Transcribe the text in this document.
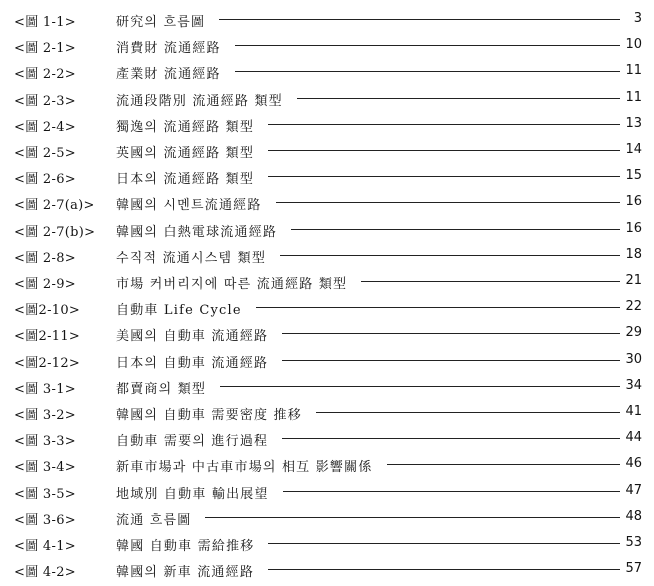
<圖 1-1>	研究의 흐름圖	3
<圖 2-1>	消費財 流通經路	10
<圖 2-2>	產業財 流通經路	11
<圖 2-3>	流通段階別 流通經路 類型	11
<圖 2-4>	獨逸의 流通經路 類型	13
<圖 2-5>	英國의 流通經路 類型	14
<圖 2-6>	日本의 流通經路 類型	15
<圖 2-7(a)> 韓國의 시멘트流通經路	16
<圖 2-7(b)> 韓國의 白熱電球流通經路	16
<圖 2-8>	수직적 流通시스템 類型	18
<圖 2-9>	市場 커버리지에 따른 流通經路 類型	21
<圖2-10>	自動車 Life Cycle	22
<圖2-11>	美國의 自動車 流通經路	29
<圖2-12>	日本의 自動車 流通經路	30
<圖 3-1>	都賣商의 類型	34
<圖 3-2>	韓國의 自動車 需要密度 推移	41
<圖 3-3>	自動車 需要의 進行過程	44
<圖 3-4>	新車市場과 中古車市場의 相互 影響關係	46
<圖 3-5>	地域別 自動車 輸出展望	47
<圖 3-6>	流通 흐름圖	48
<圖 4-1>	韓國 自動車 需給推移	53
<圖 4-2>	韓國의 新車 流通經路	57
